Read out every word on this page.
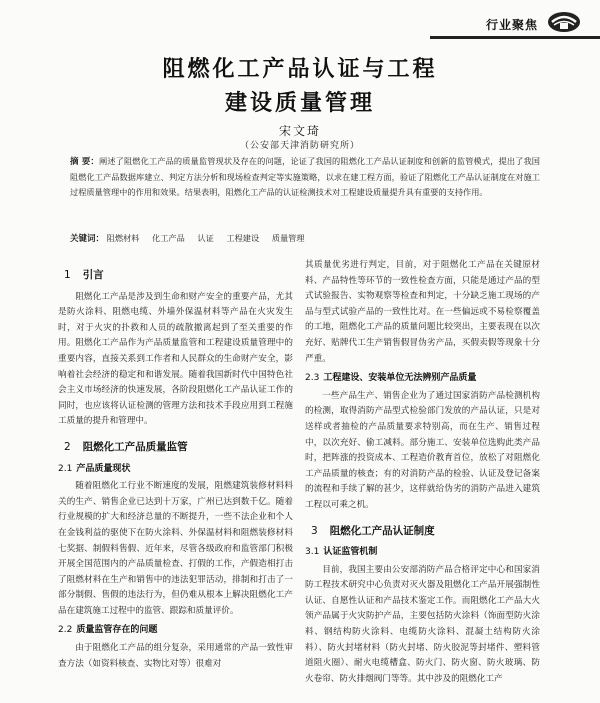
行业聚焦
阻燃化工产品认证与工程
建设质量管理
宋文琦
（公安部天津消防研究所）
摘 要：阐述了阻燃化工产品的质量监管现状及存在的问题，论证了我国的阻燃化工产品认证制度和创新的监管模式，提出了我国阻燃化工产品数据库建立、判定方法分析和现场检查判定等实施策略，以求在建工程方面，验证了阻燃化工产品认证制度在对施工过程质量管理中的作用和效果。结果表明，阻燃化工产品的认证检测技术对工程建设质量提升具有重要的支持作用。
关键词： 阻燃材料 化工产品 认证 工程建设 质量管理
1 引言

阻燃化工产品是涉及到生命和财产安全的重要产品，尤其是防火涂料、阻燃电缆、外墙外保温材料等产品在火灾发生时，对于火灾的扑救和人员的疏散撤离起到了至关重要的作用。阻燃化工产品作为产品质量监管和工程建设质量管理中的重要内容，直接关系到工作者和人民群众的生命财产安全，影响着社会经济的稳定和和谐发展。随着我国新时代中国特色社会主义市场经济的快速发展，各阶段阻燃化工产品认证工作的同时，也应该将认证检测的管理方法和技术手段应用到工程施工质量的提升和管理中。

2 阻燃化工产品质量监管
2.1 产品质量现状

随着阻燃化工行业不断速度的发展，阻燃建筑装修材料料关的生产、销售企业已达到十万家，广州已达到数千亿。随着行业规模的扩大和经济总量的不断提升，一些不法企业和个人在金钱利益的驱使下在防火涂料、外保温材料和阻燃装修材料七奖据、制假料售假、近年来，尽管各级政府和监管部门积极开展全国范围内的产品质量检查、打假的工作，产假造相打击了阻燃材料在生产和销售中的违法犯罪活动，排制和打击了一部分制假、售假的违法行为，但仍难从根本上解决阻燃化工产品在建筑施工过程中的监管、跟踪和质量评价。

2.2 质量监管存在的问题

由于阻燃化工产品的组分复杂，采用通常的产品一致性审查方法（如资料核查、实物比对等）很难对

其质量优劣进行判定，目前，对于阻燃化工产品在关键原材料、产品特性等环节的一致性检查方面，只能是通过产品的型式试验报告、实物观察等检查和判定，十分缺乏施工现场的产品与型式试验产品的一致性比对。在一些偏远或不易检察覆盖的工地，阻燃化工产品的质量问题比较突出，主要表现在以次充好、贴牌代工生产销售假冒伪劣产品，买假卖假等现象十分严重。

2.3 工程建设、安装单位无法辨别产品质量

一些产品生产、销售企业为了通过国家消防产品检测机构的检测，取得消防产品型式检验部门发放的产品认证，只是对送样或者抽检的产品质量要求特别高，而在生产、销售过程中，以次充好、偷工减料。部分施工、安装单位选购此类产品时，把阵涨的投资成本、工程造价教育首位，放松了对阻燃化工产品质量的核查；有的对消防产品的检验、认证及登记备案的流程和手续了解的甚少，这样就给伪劣的消防产品进入建筑工程以可乘之机。

3 阻燃化工产品认证制度
3.1 认证监管机制

目前，我国主要由公安部消防产品合格评定中心和国家消防工程技术研究中心负责对灭火器及阻燃化工产品开展强制性认证、自愿性认证和产品技术鉴定工作。而阻燃化工产品大火领产品属于火灾防护产品，主要包括防火涂料（饰面型防火涂料、钢结构防火涂料、电缆防火涂料、混凝土结构防火涂料）、防火封堵材料（防火封堵、防火胶泥等封堵件、塑料管道阻火圈）、耐火电缆槽盒、防火门、防火窗、防火玻璃、防火卷帘、防火排烟阀门等等。其中涉及的阻燃化工产
